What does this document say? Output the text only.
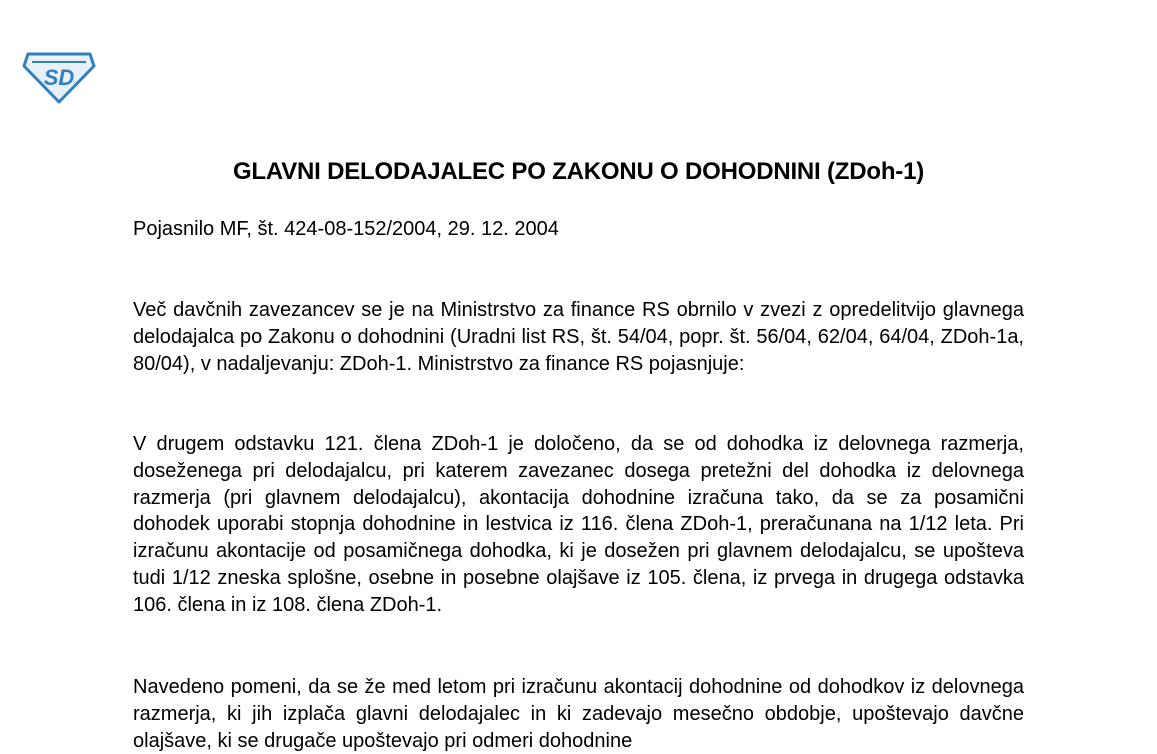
SD
GLAVNI DELODAJALEC PO ZAKONU O DOHODNINI (ZDoh-1)

Pojasnilo MF, št. 424-08-152/2004, 29. 12. 2004

Več davčnih zavezancev se je na Ministrstvo za finance RS obrnilo v zvezi z opredelitvijo glavnega delodajalca po Zakonu o dohodnini (Uradni list RS, št. 54/04, popr. št. 56/04, 62/04, 64/04, ZDoh-1a, 80/04), v nadaljevanju: ZDoh-1. Ministrstvo za finance RS pojasnjuje:

V drugem odstavku 121. člena ZDoh-1 je določeno, da se od dohodka iz delovnega razmerja, doseženega pri delodajalcu, pri katerem zavezanec dosega pretežni del dohodka iz delovnega razmerja (pri glavnem delodajalcu), akontacija dohodnine izračuna tako, da se za posamični dohodek uporabi stopnja dohodnine in lestvica iz 116. člena ZDoh-1, preračunana na 1/12 leta. Pri izračunu akontacije od posamičnega dohodka, ki je dosežen pri glavnem delodajalcu, se upošteva tudi 1/12 zneska splošne, osebne in posebne olajšave iz 105. člena, iz prvega in drugega odstavka 106. člena in iz 108. člena ZDoh-1.

Navedeno pomeni, da se že med letom pri izračunu akontacij dohodnine od dohodkov iz delovnega razmerja, ki jih izplača glavni delodajalec in ki zadevajo mesečno obdobje, upoštevajo davčne olajšave, ki se drugače upoštevajo pri odmeri dohodnine
